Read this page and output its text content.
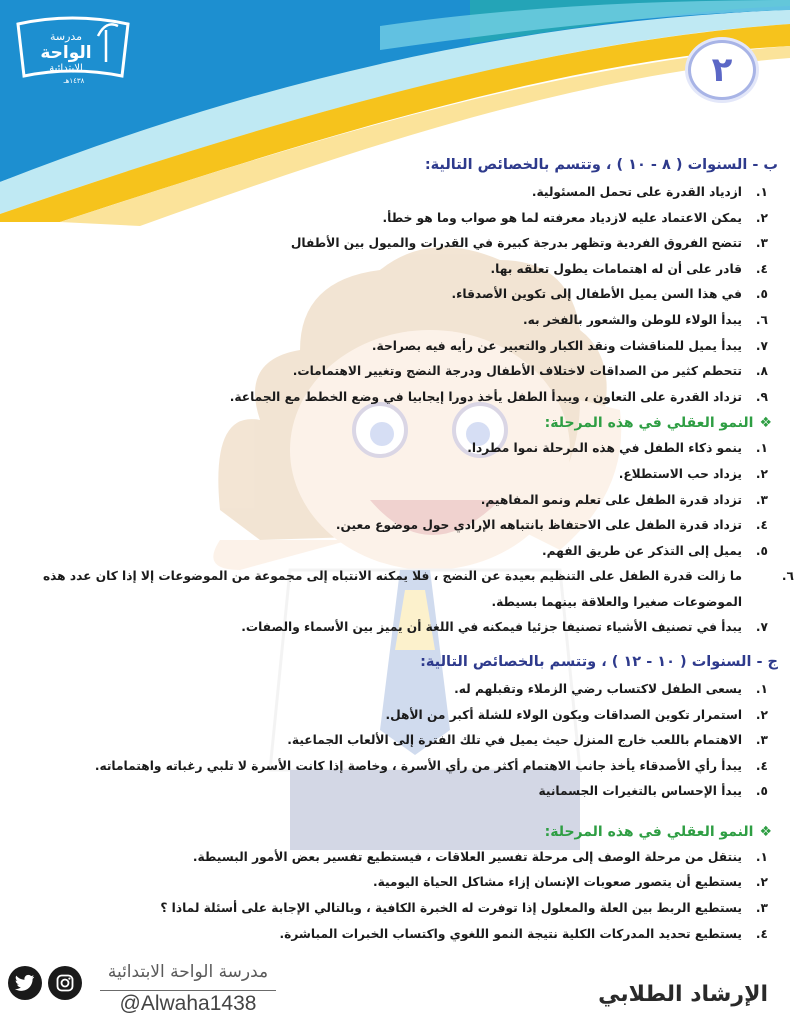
مدرسة
الواحة
الابتدائية
١٤٣٨هـ	٢
ب - السنوات ( ٨ - ١٠ ) ، وتتسم بالخصائص التالية:
١.ازدياد القدرة على تحمل المسئولية.
٢.يمكن الاعتماد عليه لازدياد معرفته لما هو صواب وما هو خطأ.
٣.تتضح الفروق الفردية وتظهر بدرجة كبيرة في القدرات والميول بين الأطفال
٤.قادر على أن له اهتمامات يطول تعلقه بها.
٥.في هذا السن يميل الأطفال إلى تكوين الأصدقاء.
٦.يبدأ الولاء للوطن والشعور بالفخر به.
٧.يبدأ يميل للمناقشات ونقد الكبار والتعبير عن رأيه فيه بصراحة.
٨.تتحطم كثير من الصداقات لاختلاف الأطفال ودرجة النضج وتغيير الاهتمامات.
٩.تزداد القدرة على التعاون ، ويبدأ الطفل يأخذ دورا إيجابيا في وضع الخطط مع الجماعة.
❖النمو العقلي في هذه المرحلة:
١.ينمو ذكاء الطفل في هذه المرحلة نموا مطردا.
٢.يزداد حب الاستطلاع.
٣.تزداد قدرة الطفل على تعلم ونمو المفاهيم.
٤.تزداد قدرة الطفل على الاحتفاظ بانتباهه الإرادي حول موضوع معين.
٥.يميل إلى التذكر عن طريق الفهم.
٦.ما زالت قدرة الطفل على التنظيم بعيدة عن النضج ، فلا يمكنه الانتباه إلى مجموعة من الموضوعات إلا إذا كان عدد هذه الموضوعات صغيرا والعلاقة بينهما بسيطة.
٧.يبدأ في تصنيف الأشياء تصنيفا جزئيا فيمكنه في اللغة أن يميز بين الأسماء والصفات.
ج - السنوات ( ١٠ - ١٢ ) ، وتتسم بالخصائص التالية:
١.يسعى الطفل لاكتساب رضي الزملاء وتقبلهم له.
٢.استمرار تكوين الصداقات ويكون الولاء للشلة أكبر من الأهل.
٣.الاهتمام باللعب خارج المنزل حيث يميل في تلك الفترة إلى الألعاب الجماعية.
٤.يبدأ رأي الأصدقاء يأخذ جانب الاهتمام أكثر من رأي الأسرة ، وخاصة إذا كانت الأسرة لا تلبي رغباته واهتماماته.
٥.يبدأ الإحساس بالتغيرات الجسمانية
❖النمو العقلي في هذه المرحلة:
١.ينتقل من مرحلة الوصف إلى مرحلة تفسير العلاقات ، فيستطيع تفسير بعض الأمور البسيطة.
٢.يستطيع أن يتصور صعوبات الإنسان إزاء مشاكل الحياة اليومية.
٣.يستطيع الربط بين العلة والمعلول إذا توفرت له الخبرة الكافية ، وبالتالي الإجابة على أسئلة لماذا ؟
٤.يستطيع تحديد المدركات الكلية نتيجة النمو اللغوي واكتساب الخبرات المباشرة.
مدرسة الواحة الابتدائية
@Alwaha1438	الإرشاد الطلابي
